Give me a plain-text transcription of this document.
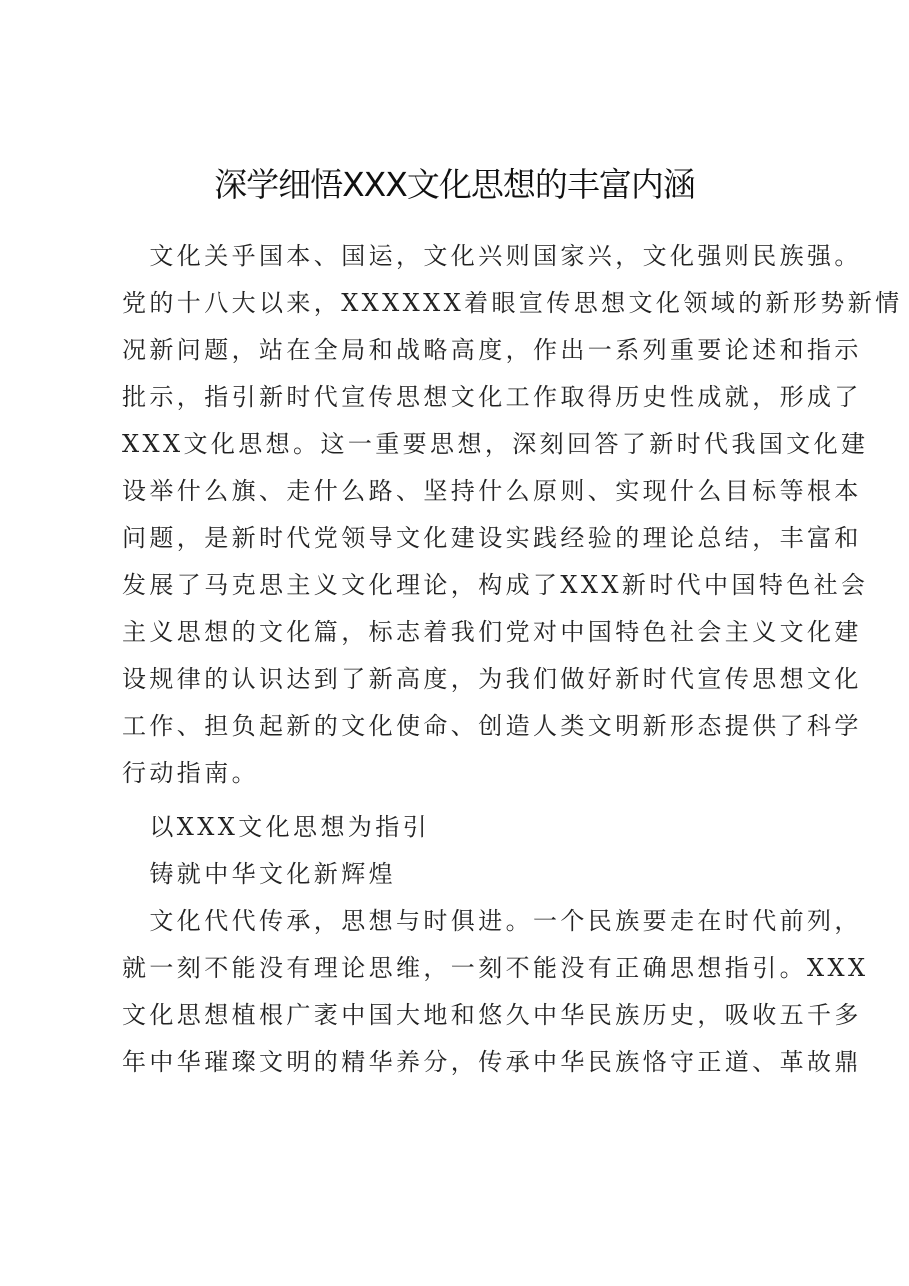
深学细悟XXX文化思想的丰富内涵
　文化关乎国本、国运，文化兴则国家兴，文化强则民族强。
党的十八大以来，XXXXXX着眼宣传思想文化领域的新形势新情
况新问题，站在全局和战略高度，作出一系列重要论述和指示
批示，指引新时代宣传思想文化工作取得历史性成就，形成了
XXX文化思想。这一重要思想，深刻回答了新时代我国文化建
设举什么旗、走什么路、坚持什么原则、实现什么目标等根本
问题，是新时代党领导文化建设实践经验的理论总结，丰富和
发展了马克思主义文化理论，构成了XXX新时代中国特色社会
主义思想的文化篇，标志着我们党对中国特色社会主义文化建
设规律的认识达到了新高度，为我们做好新时代宣传思想文化
工作、担负起新的文化使命、创造人类文明新形态提供了科学
行动指南。
　以XXX文化思想为指引
　铸就中华文化新辉煌
　文化代代传承，思想与时俱进。一个民族要走在时代前列，
就一刻不能没有理论思维，一刻不能没有正确思想指引。XXX
文化思想植根广袤中国大地和悠久中华民族历史，吸收五千多
年中华璀璨文明的精华养分，传承中华民族恪守正道、革故鼎
